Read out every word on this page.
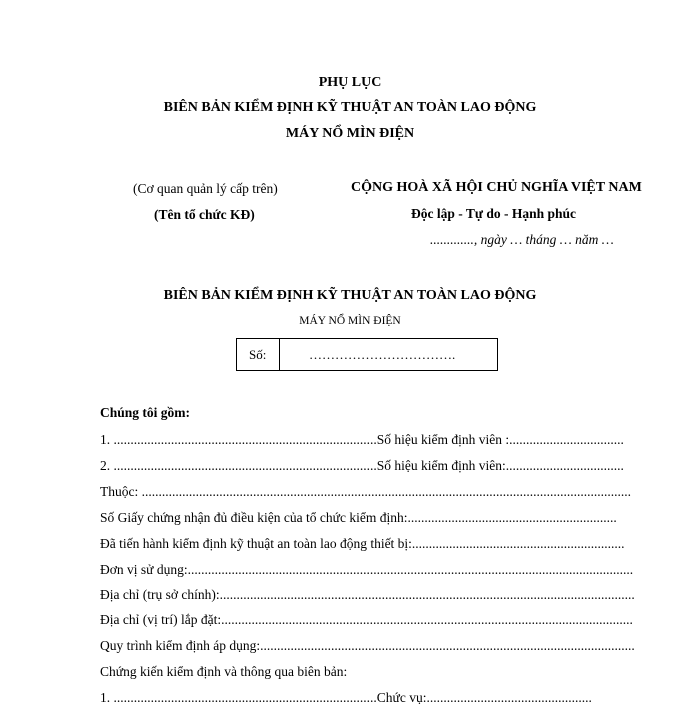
PHỤ LỤC
BIÊN BẢN KIỂM ĐỊNH KỸ THUẬT AN TOÀN LAO ĐỘNG
MÁY NỔ MÌN ĐIỆN
(Cơ quan quản lý cấp trên)
(Tên tổ chức KĐ)
CỘNG HOÀ XÃ HỘI CHỦ NGHĨA VIỆT NAM
Độc lập - Tự do - Hạnh phúc
............., ngày … tháng … năm …
BIÊN BẢN KIỂM ĐỊNH KỸ THUẬT AN TOÀN LAO ĐỘNG
MÁY NỔ MÌN ĐIỆN
Số:	…………………………….
Chúng tôi gồm:
1. ..............................................................................Số hiệu kiểm định viên :..................................
2. ..............................................................................Số hiệu kiểm định viên:...................................
Thuộc: .................................................................................................................................................
Số Giấy chứng nhận đủ điều kiện của tổ chức kiểm định:..............................................................
Đã tiến hành kiểm định kỹ thuật an toàn lao động thiết bị:...............................................................
Đơn vị sử dụng:....................................................................................................................................
Địa chỉ (trụ sở chính):...........................................................................................................................
Địa chỉ (vị trí) lắp đặt:..........................................................................................................................
Quy trình kiểm định áp dụng:...............................................................................................................
Chứng kiến kiểm định và thông qua biên bản:
1. ..............................................................................Chức vụ:.................................................
